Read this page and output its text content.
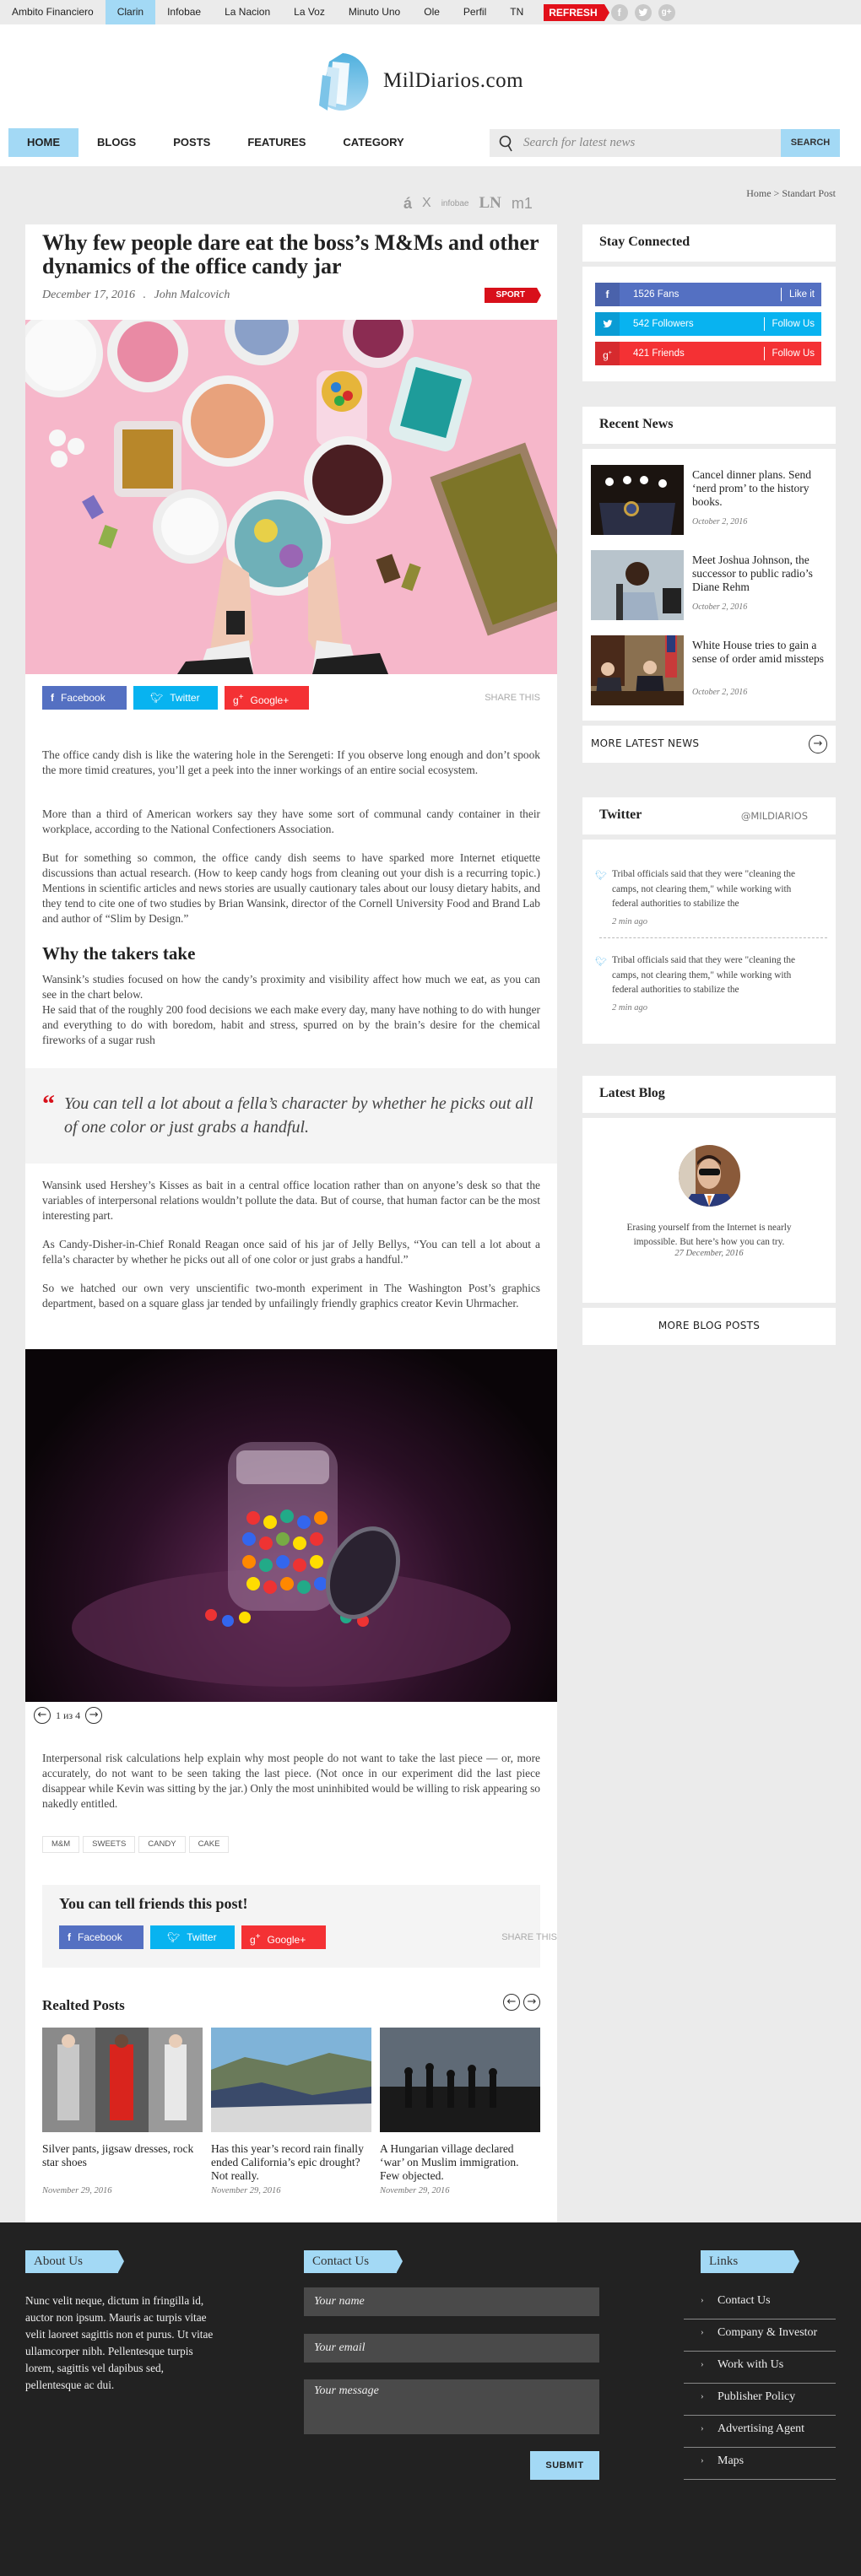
Ambito Financiero	Clarin	Infobae	La Nacion	La Voz	Minuto Uno	Ole	Perfil	TN	REFRESH	f	g+
MilDiarios.com
HOME	BLOGS	POSTS	FEATURES	CATEGORY
Search for latest news	SEARCH
á X infobae LN m1
Home > Standart Post
Why few people dare eat the boss’s M&Ms and other dynamics of the office candy jar
December 17, 2016 . John Malcovich	SPORT
f Facebook	🐦︎ Twitter	g+ Google+	SHARE THIS

The office candy dish is like the watering hole in the Serengeti: If you observe long enough and don’t spook the more timid creatures, you’ll get a peek into the inner workings of an entire social ecosystem.

More than a third of American workers say they have some sort of communal candy container in their workplace, according to the National Confectioners Association.

But for something so common, the office candy dish seems to have sparked more Internet etiquette discussions than actual research. (How to keep candy hogs from cleaning out your dish is a recurring topic.) Mentions in scientific articles and news stories are usually cautionary tales about our lousy dietary habits, and they tend to cite one of two studies by Brian Wansink, director of the Cornell University Food and Brand Lab and author of “Slim by Design.”

Why the takers take

Wansink’s studies focused on how the candy’s proximity and visibility affect how much we eat, as you can see in the chart below.

He said that of the roughly 200 food decisions we each make every day, many have nothing to do with hunger and everything to do with boredom, habit and stress, spurred on by the brain’s desire for the chemical fireworks of a sugar rush

“ You can tell a lot about a fella’s character by whether he picks out all of one color or just grabs a handful.

Wansink used Hershey’s Kisses as bait in a central office location rather than on anyone’s desk so that the variables of interpersonal relations wouldn’t pollute the data. But of course, that human factor can be the most interesting part.

As Candy-Disher-in-Chief Ronald Reagan once said of his jar of Jelly Bellys, “You can tell a lot about a fella’s character by whether he picks out all of one color or just grabs a handful.”

So we hatched our own very unscientific two-month experiment in The Washington Post’s graphics department, based on a square glass jar tended by unfailingly friendly graphics creator Kevin Uhrmacher.

← 1 из 4 →

Interpersonal risk calculations help explain why most people do not want to take the last piece — or, more accurately, do not want to be seen taking the last piece. (Not once in our experiment did the last piece disappear while Kevin was sitting by the jar.) Only the most uninhibited would be willing to risk appearing so nakedly entitled.

M&M	SWEETS	CANDY	CAKE
You can tell friends this post!
f Facebook	🐦︎ Twitter	g+ Google+	SHARE THIS
Realted Posts	←	→
Silver pants, jigsaw dresses, rock star shoes
November 29, 2016
Has this year’s record rain finally ended California’s epic drought? Not really.
November 29, 2016
A Hungarian village declared ‘war’ on Muslim immigration. Few objected.
November 29, 2016
Stay Connected
f	1526 Fans	Like it
542 Followers	Follow Us
g+	421 Friends	Follow Us
Recent News
Cancel dinner plans. Send ‘nerd prom’ to the history books.
October 2, 2016
Meet Joshua Johnson, the successor to public radio’s Diane Rehm
October 2, 2016
White House tries to gain a sense of order amid missteps
October 2, 2016
MORE LATEST NEWS	→
Twitter	@MILDIARIOS
🐦︎ Tribal officials said that they were "cleaning the camps, not clearing them," while working with federal authorities to stabilize the
2 min ago
🐦︎ Tribal officials said that they were "cleaning the camps, not clearing them," while working with federal authorities to stabilize the
2 min ago
Latest Blog
Erasing yourself from the Internet is nearly impossible. But here’s how you can try.
27 December, 2016
MORE BLOG POSTS
About Us
Nunc velit neque, dictum in fringilla id, auctor non ipsum. Mauris ac turpis vitae velit laoreet sagittis non et purus. Ut vitae ullamcorper nibh. Pellentesque turpis lorem, sagittis vel dapibus sed, pellentesque ac dui.
Contact Us
Your name
Your email
Your message
SUBMIT
Links
› Contact Us
› Company & Investor
› Work with Us
› Publisher Policy
› Advertising Agent
› Maps
